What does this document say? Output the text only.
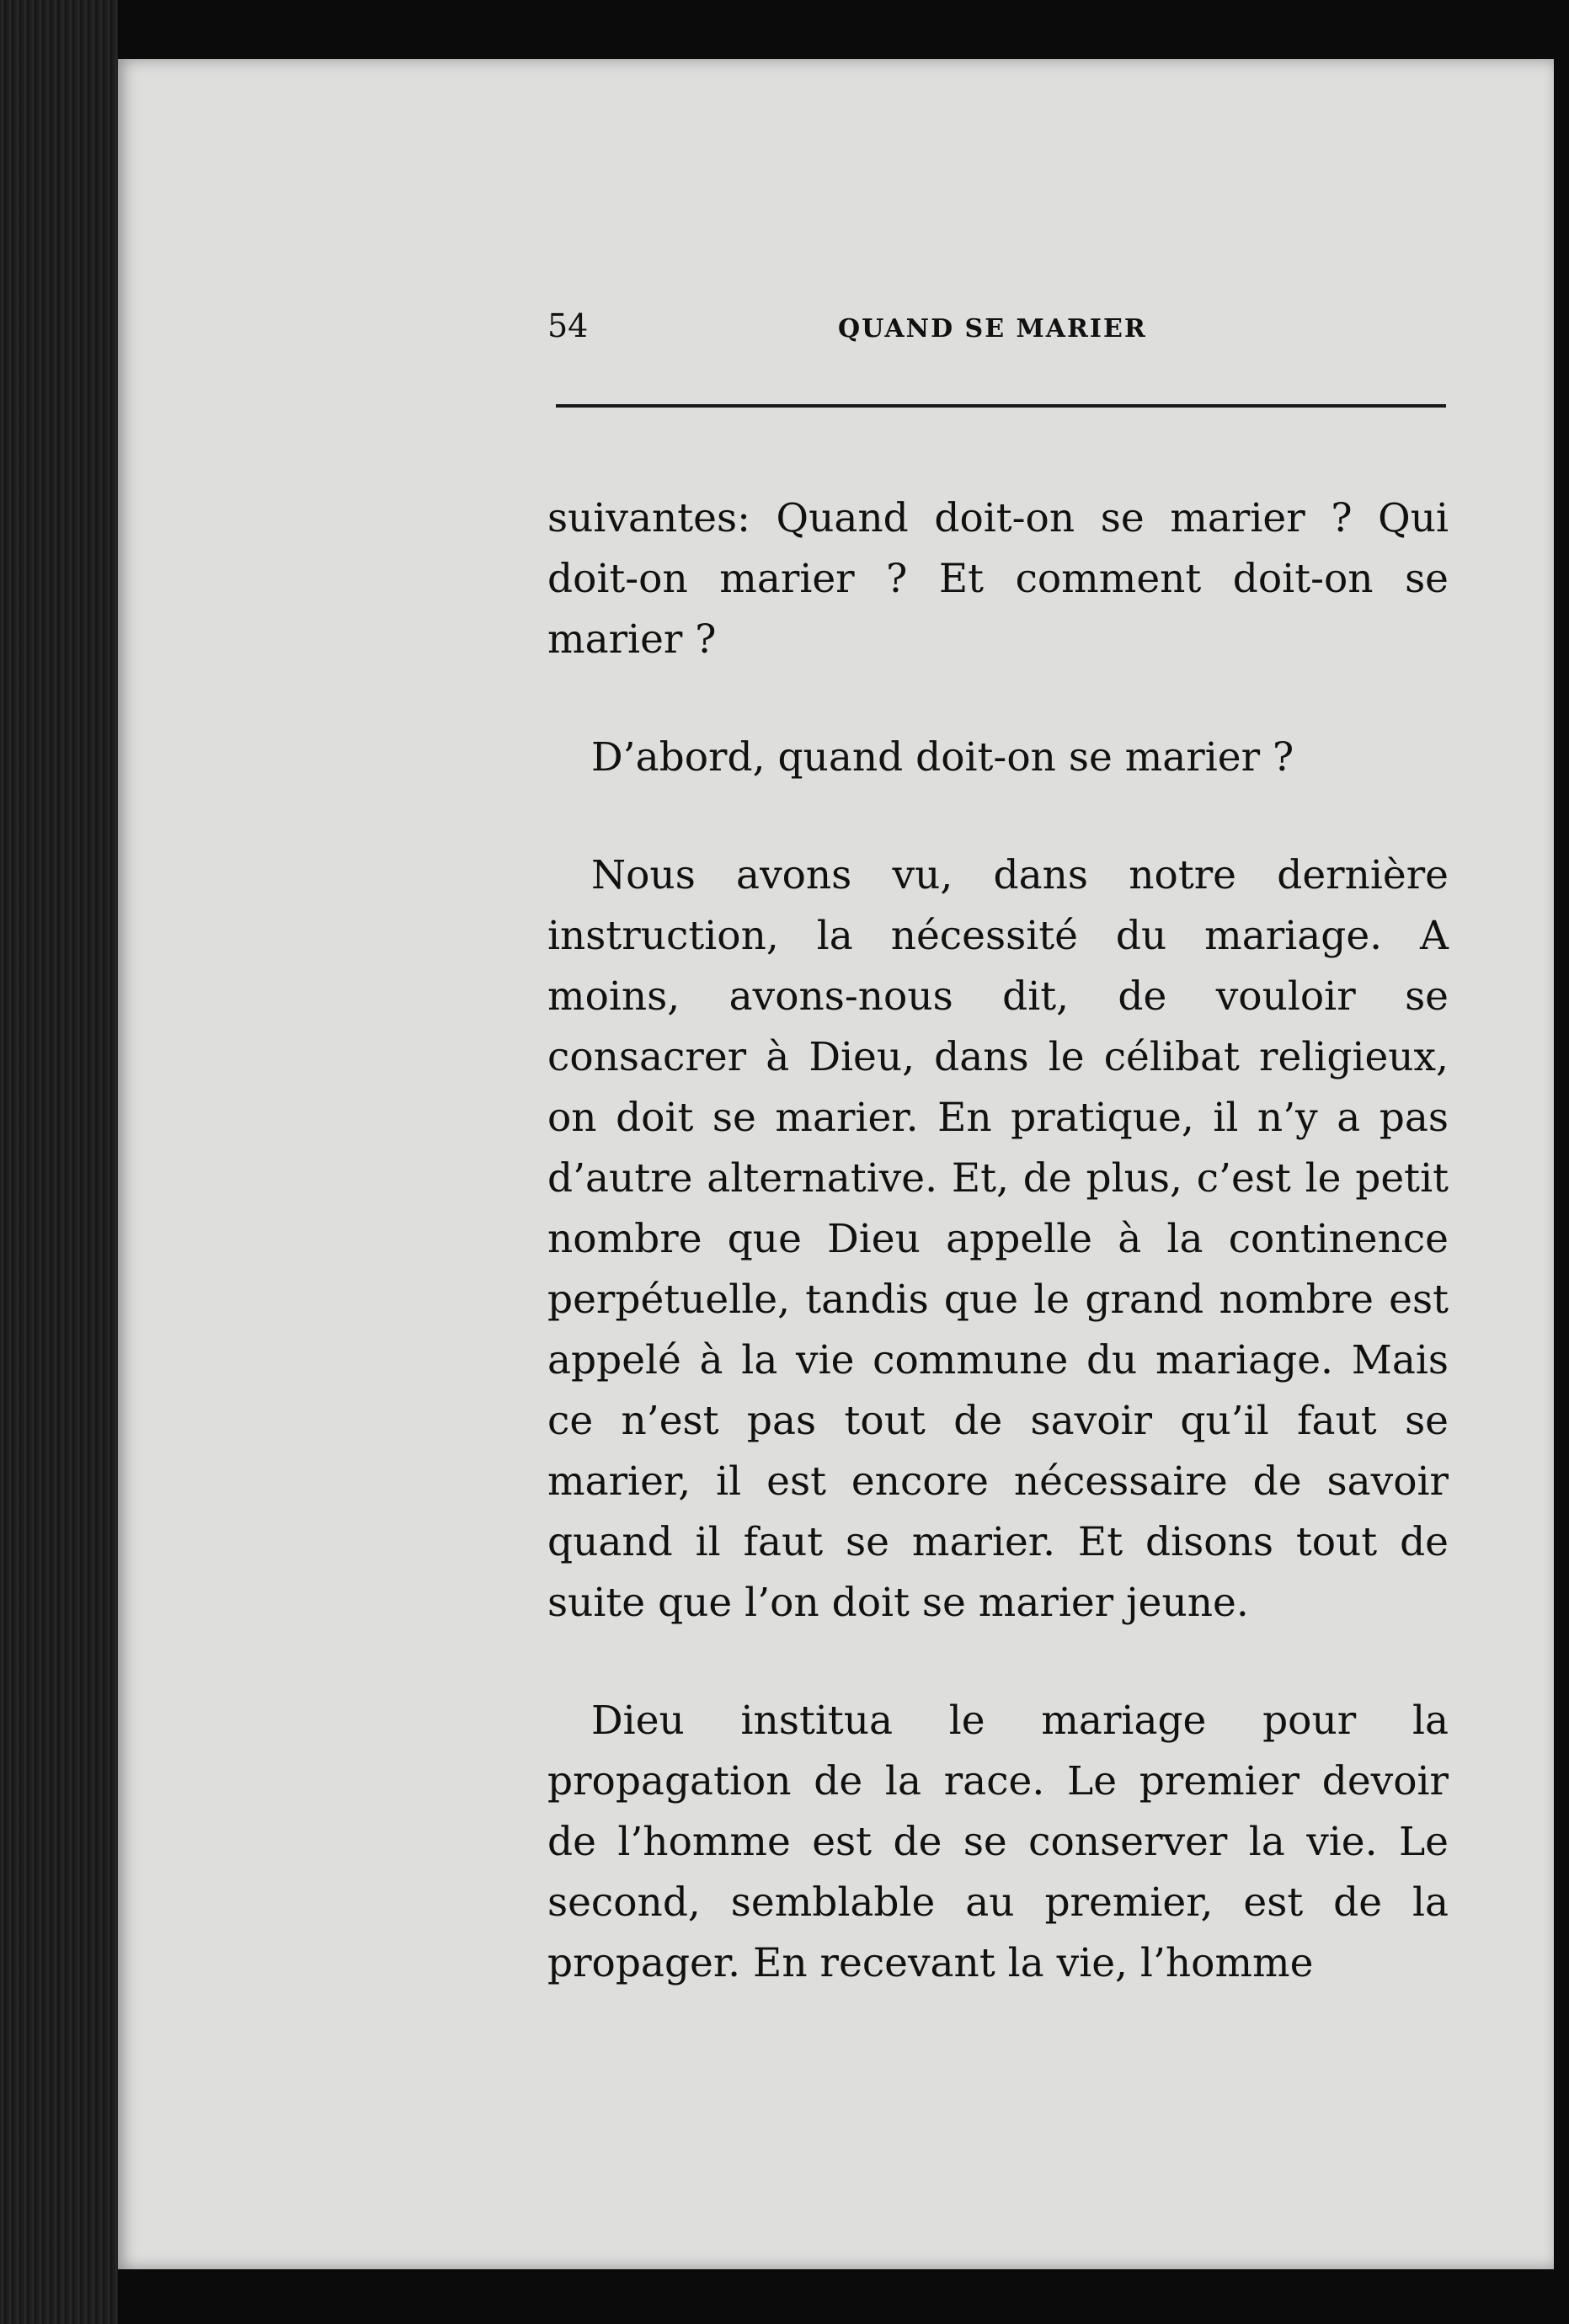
54	QUAND SE MARIER

suivantes: Quand doit-on se marier ? Qui doit-on marier ? Et comment doit-on se marier ?

D’abord, quand doit-on se marier ?

Nous avons vu, dans notre dernière instruction, la nécessité du mariage. A moins, avons-nous dit, de vouloir se consacrer à Dieu, dans le célibat religieux, on doit se marier. En pratique, il n’y a pas d’autre alternative. Et, de plus, c’est le petit nombre que Dieu appelle à la continence perpétuelle, tandis que le grand nombre est appelé à la vie commune du mariage. Mais ce n’est pas tout de savoir qu’il faut se marier, il est encore nécessaire de savoir quand il faut se marier. Et disons tout de suite que l’on doit se marier jeune.

Dieu institua le mariage pour la propagation de la race. Le premier devoir de l’homme est de se conserver la vie. Le second, semblable au premier, est de la propager. En recevant la vie, l’homme
